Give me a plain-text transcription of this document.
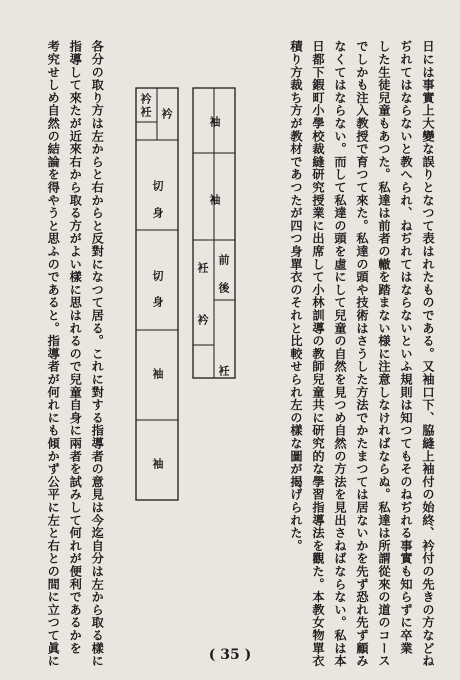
日には事實上大變な誤りとなつて表はれたものである。又袖口下、脇縫上袖付の始終、衿付の先きの方などね
ぢれてはならないと教へられ、ねぢれてはならないといふ規則は知つてもそのねぢれる事實も知らずに卒業
した生徒兒童もあつた。私達は前者の轍を踏まない様に注意しなければならぬ。私達は所謂從來の道のコース
でしかも注入教授で育つて來た。私達の頭や技術はさうした方法でかたまつては居ないかを先ず恐れ先ず顧み
なくてはならない。而して私達の頭を虛にして兒童の自然を見つめ自然の方法を見出さねばならない。私は本
日都下鍜町小學校裁縫研究授業に出席して小林訓導の教師兒童共に研究的な學習指導法を觀た。本教女物單衣
積り方裁ち方が教材であつたが四つ身單衣のそれと比較せられ左の樣な圖が揭げられた。
袖
袖
前
後
衽
衿
衽
衿
衽 衿
切
身
切
身
袖
袖
各分の取り方は左からと右からと反對になつて居る。これに對する指導者の意見は今迄自分は左から取る樣に
指導して來たが近來右から取る方がよい樣に思はれるので兒童自身に兩者を試みして何れが便利であるかを
考究せしめ自然の結論を得やうと思ふのであると。指導者が何れにも傾かず公平に左と右との間に立つて眞に	( 35 )
